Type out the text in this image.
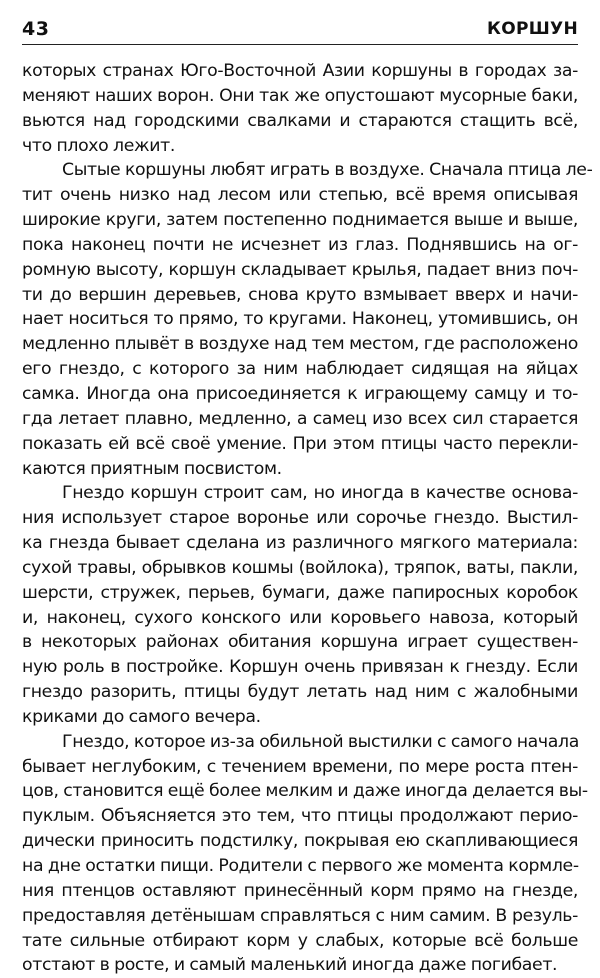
43	КОРШУН
которых странах Юго-Восточной Азии коршуны в городах за-
меняют наших ворон. Они так же опустошают мусорные баки,
вьются над городскими свалками и стараются стащить всё,
что плохо лежит.
Сытые коршуны любят играть в воздухе. Сначала птица ле-
тит очень низко над лесом или степью, всё время описывая
широкие круги, затем постепенно поднимается выше и выше,
пока наконец почти не исчезнет из глаз. Поднявшись на ог-
ромную высоту, коршун складывает крылья, падает вниз поч-
ти до вершин деревьев, снова круто взмывает вверх и начи-
нает носиться то прямо, то кругами. Наконец, утомившись, он
медленно плывёт в воздухе над тем местом, где расположено
его гнездо, с которого за ним наблюдает сидящая на яйцах
самка. Иногда она присоединяется к играющему самцу и то-
гда летает плавно, медленно, а самец изо всех сил старается
показать ей всё своё умение. При этом птицы часто перекли-
каются приятным посвистом.
Гнездо коршун строит сам, но иногда в качестве основа-
ния использует старое воронье или сорочье гнездо. Выстил-
ка гнезда бывает сделана из различного мягкого материала:
сухой травы, обрывков кошмы (войлока), тряпок, ваты, пакли,
шерсти, стружек, перьев, бумаги, даже папиросных коробок
и, наконец, сухого конского или коровьего навоза, который
в некоторых районах обитания коршуна играет существен-
ную роль в постройке. Коршун очень привязан к гнезду. Если
гнездо разорить, птицы будут летать над ним с жалобными
криками до самого вечера.
Гнездо, которое из-за обильной выстилки с самого начала
бывает неглубоким, с течением времени, по мере роста птен-
цов, становится ещё более мелким и даже иногда делается вы-
пуклым. Объясняется это тем, что птицы продолжают перио-
дически приносить подстилку, покрывая ею скапливающиеся
на дне остатки пищи. Родители с первого же момента кормле-
ния птенцов оставляют принесённый корм прямо на гнезде,
предоставляя детёнышам справляться с ним самим. В резуль-
тате сильные отбирают корм у слабых, которые всё больше
отстают в росте, и самый маленький иногда даже погибает.
